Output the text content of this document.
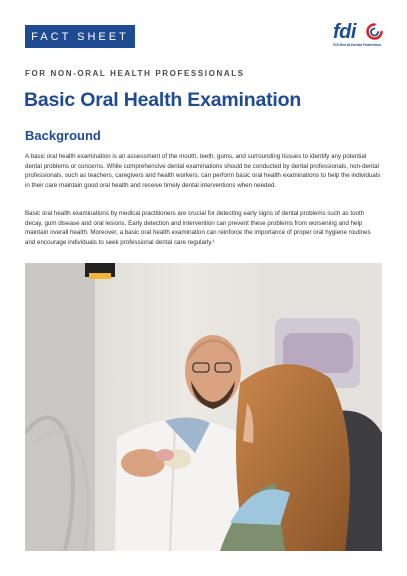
FACT SHEET	fdi
FDI World Dental Federation
FOR NON-ORAL HEALTH PROFESSIONALS
Basic Oral Health Examination
Background

A basic oral health examination is an assessment of the mouth, teeth, gums, and surrounding tissues to identify any potential dental problems or concerns. While comprehensive dental examinations should be conducted by dental professionals, non-dental professionals, such as teachers, caregivers and health workers, can perform basic oral health examinations to help the individuals in their care maintain good oral health and receive timely dental interventions when needed.

Basic oral health examinations by medical practitioners are crucial for detecting early signs of dental problems such as tooth decay, gum disease and oral lesions. Early detection and intervention can prevent these problems from worsening and help maintain overall health. Moreover, a basic oral health examination can reinforce the importance of proper oral hygiene routines and encourage individuals to seek professional dental care regularly.¹
